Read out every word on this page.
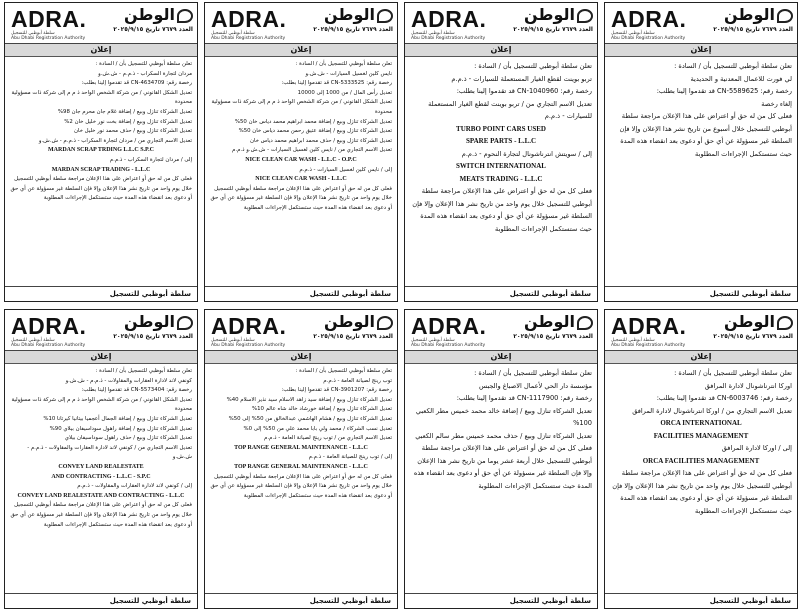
ADRA.
سلطة أبوظبي للتسجيل
Abu Dhabi Registration Authority
الوطن
العدد ٧٦٧٩ تاريخ ٢٠٢٥/٩/١٥
إعلان

تعلن سلطة أبوظبي للتسجيل بأن / السادة :

لي فورت للاعمال المعدنية و الحديدية

رخصة رقم: CN-5589625 قد تقدموا إلينا بطلب:

إلغاء رخصة

فعلى كل من له حق أو اعتراض على هذا الإعلان مراجعة سلطة أبوظبي للتسجيل خلال أسبوع من تاريخ نشر هذا الإعلان وإلا فإن السلطة غير مسؤولة عن أي حق أو دعوى بعد انقضاء هذه المدة حيث ستستكمل الإجراءات المطلوبة

سلطة أبوظبي للتسجيل
ADRA.
سلطة أبوظبي للتسجيل
Abu Dhabi Registration Authority
الوطن
العدد ٧٦٧٩ تاريخ ٢٠٢٥/٩/١٥
إعلان

تعلن سلطة أبوظبي للتسجيل بأن / السادة :

تربو بوينت لقطع الغيار المستعملة للسيارات - ذ.م.م

رخصة رقم: CN-1040960 قد تقدموا إلينا بطلب:

تعديل الاسم التجاري من / تربو بوينت لقطع الغيار المستعملة للسيارات - ذ.م.م

TURBO POINT CARS USED
SPARE PARTS - L.L.C

إلى / سويتش انترناشونال لتجارة النحوم - ذ.م.م

SWITCH INTERNATIONAL
MEATS TRADING - L.L.C

فعلى كل من له حق أو اعتراض على هذا الإعلان مراجعة سلطة أبوظبي للتسجيل خلال يوم واحد من تاريخ نشر هذا الإعلان وإلا فإن السلطة غير مسؤولة عن أي حق أو دعوى بعد انقضاء هذه المدة حيث ستستكمل الإجراءات المطلوبة

سلطة أبوظبي للتسجيل
ADRA.
سلطة أبوظبي للتسجيل
Abu Dhabi Registration Authority
الوطن
العدد ٧٦٧٩ تاريخ ٢٠٢٥/٩/١٥
إعلان

تعلن سلطة أبوظبي للتسجيل بأن / السادة :

نايس كلين لغسيل السيارات - ش.ش.و

رخصة رقم: CN-5333525 قد تقدموا إلينا بطلب:

تعديل رأس المال / من 1000 إلى 10000

تعديل الشكل القانوني / من شركة الشخص الواحد ذ م م إلى شركة ذات مسؤولية محدودة

تعديل الشركاء تنازل وبيع / إضافة محمد ابراهيم محمد دياس خان 50%

تعديل الشركاء تنازل وبيع / إضافة عتيق رحمن محمد دياس خان 50%

تعديل الشركاء تنازل وبيع / حذف محمد ابراهيم محمد دياس خان

تعديل الاسم التجاري من / نايس كلين لغسيل السيارات - ش.ش.و ذ.م.م

NICE CLEAN CAR WASH - L.L.C - O.P.C

إلى / نايس كلين لغسيل السيارات - ذ.م.م

NICE CLEAN CAR WASH - L.L.C

فعلى كل من له حق أو اعتراض على هذا الإعلان مراجعة سلطة أبوظبي للتسجيل خلال يوم واحد من تاريخ نشر هذا الإعلان وإلا فإن السلطة غير مسؤولة عن أي حق أو دعوى بعد انقضاء هذه المدة حيث ستستكمل الإجراءات المطلوبة

سلطة أبوظبي للتسجيل
ADRA.
سلطة أبوظبي للتسجيل
Abu Dhabi Registration Authority
الوطن
العدد ٧٦٧٩ تاريخ ٢٠٢٥/٩/١٥
إعلان

تعلن سلطة أبوظبي للتسجيل بأن / السادة :

مردان لتجارة السكراب - ذ.م.م - ش.ش.و

رخصة رقم: CN-4634709 قد تقدموا إلينا بطلب:

تعديل الشكل القانوني / من شركة الشخص الواحد ذ م م إلى شركة ذات مسؤولية محدودة

تعديل الشركاء تنازل وبيع / إضافة غلام جان محرم جان 98%

تعديل الشركاء تنازل وبيع / إضافة بخت نور خليل خان 2%

تعديل الشركاء تنازل وبيع / حذف محمد نور خليل خان

تعديل الاسم التجاري من / مردان لتجارة السكراب - ذ.م.م - ش.ش.و

MARDAN SCRAP TRDING L.L.C S.P.C

إلى / مردان لتجارة السكراب - ذ.م.م

MARDAN SCRAP TRADING - L.L.C

فعلى كل من له حق أو اعتراض على هذا الإعلان مراجعة سلطة أبوظبي للتسجيل خلال يوم واحد من تاريخ نشر هذا الإعلان وإلا فإن السلطة غير مسؤولة عن أي حق أو دعوى بعد انقضاء هذه المدة حيث ستستكمل الإجراءات المطلوبة

سلطة أبوظبي للتسجيل
ADRA.
سلطة أبوظبي للتسجيل
Abu Dhabi Registration Authority
الوطن
العدد ٧٦٧٩ تاريخ ٢٠٢٥/٩/١٥
إعلان

تعلن سلطة أبوظبي للتسجيل بأن / السادة :

اوركا انترناشونال لادارة المرافق

رخصة رقم: CN-6003746 قد تقدموا إلينا بطلب:

تعديل الاسم التجاري من / اوركا انترناشونال لادارة المرافق

ORCA INTERNATIONAL
FACILITIES MANAGEMENT

إلى / اوركا لادارة المرافق

ORCA FACILITIES MANAGEMENT

فعلى كل من له حق أو اعتراض على هذا الإعلان مراجعة سلطة أبوظبي للتسجيل خلال يوم واحد من تاريخ نشر هذا الإعلان وإلا فإن السلطة غير مسؤولة عن أي حق أو دعوى بعد انقضاء هذه المدة حيث ستستكمل الإجراءات المطلوبة

سلطة أبوظبي للتسجيل
ADRA.
سلطة أبوظبي للتسجيل
Abu Dhabi Registration Authority
الوطن
العدد ٧٦٧٩ تاريخ ٢٠٢٥/٩/١٥
إعلان

تعلن سلطة أبوظبي للتسجيل بأن / السادة :

مؤسسة دار الحي لأعمال الاصباغ والجبس

رخصة رقم: CN-1117900 قد تقدموا إلينا بطلب:

تعديل الشركاء تنازل وبيع / إضافة خالد محمد خميس مطر الكعبي 100%

تعديل الشركاء تنازل وبيع / حذف محمد خميس مطر سالم الكعبي

فعلى كل من له حق أو اعتراض على هذا الإعلان مراجعة سلطة أبوظبي للتسجيل خلال أربعة عشر يوما من تاريخ نشر هذا الإعلان وإلا فإن السلطة غير مسؤولة عن أي حق أو دعوى بعد انقضاء هذه المدة حيث ستستكمل الإجراءات المطلوبة

سلطة أبوظبي للتسجيل
ADRA.
سلطة أبوظبي للتسجيل
Abu Dhabi Registration Authority
الوطن
العدد ٧٦٧٩ تاريخ ٢٠٢٥/٩/١٥
إعلان

تعلن سلطة أبوظبي للتسجيل بأن / السادة :

توب رينج لصيانة العامة - ذ.م.م

رخصة رقم: CN-3901207 قد تقدموا إلينا بطلب:

تعديل الشركاء تنازل وبيع / إضافة سيد زاهد الاسلام سيد نذير الاسلام 40%

تعديل الشركاء تنازل وبيع / إضافة خورشاد خالد شاه عالم 10%

تعديل الشركاء تنازل وبيع / هشام الهاشمي عبدالخالق من 50% إلى 50%

تعديل نسب الشركاء / محمد ولي بابا محمد علي من 50% إلى 0%

تعديل الاسم التجاري من / توب رينج لصيانة العامة - ذ.م.م

TOP RANGE GENERAL MAINTENANCE - L.L.C

إلى / توب رينج للصيانة العامة - ذ.م.م

TOP RANGE GENERAL MAINTENANCE - L.L.C

فعلى كل من له حق أو اعتراض على هذا الإعلان مراجعة سلطة أبوظبي للتسجيل خلال يوم واحد من تاريخ نشر هذا الإعلان وإلا فإن السلطة غير مسؤولة عن أي حق أو دعوى بعد انقضاء هذه المدة حيث ستستكمل الإجراءات المطلوبة

سلطة أبوظبي للتسجيل
ADRA.
سلطة أبوظبي للتسجيل
Abu Dhabi Registration Authority
الوطن
العدد ٧٦٧٩ تاريخ ٢٠٢٥/٩/١٥
إعلان

تعلن سلطة أبوظبي للتسجيل بأن / السادة :

كونفي لاند لادارة العقارات والمقاولات - ذ.م.م - ش.ش.و

رخصة رقم: CN-5573404 قد تقدموا إلينا بطلب:

تعديل الشكل القانوني / من شركة الشخص الواحد ذ م م إلى شركة ذات مسؤولية محدودة

تعديل الشركاء تنازل وبيع / إضافة الجمال أعجميا بيتانيا كيرتانا 10%

تعديل الشركاء تنازل وبيع / إضافة راهول سوداسيفان بيلاي 90%

تعديل الشركاء تنازل وبيع / حذف راهول سوداسيفان بيلاي

تعديل الاسم التجاري من / كونفي لاند لادارة العقارات والمقاولات - ذ.م.م - ش.ش.و

CONVEY LAND REALESTATE
AND CONTRACTING - L.L.C - S.P.C

إلى / كونفي لاند لادارة العقارات والمقاولات - ذ.م.م

CONVEY LAND REALESTATE AND CONTRACTING - L.L.C

فعلى كل من له حق أو اعتراض على هذا الإعلان مراجعة سلطة أبوظبي للتسجيل خلال يوم واحد من تاريخ نشر هذا الإعلان وإلا فإن السلطة غير مسؤولة عن أي حق أو دعوى بعد انقضاء هذه المدة حيث ستستكمل الإجراءات المطلوبة

سلطة أبوظبي للتسجيل
